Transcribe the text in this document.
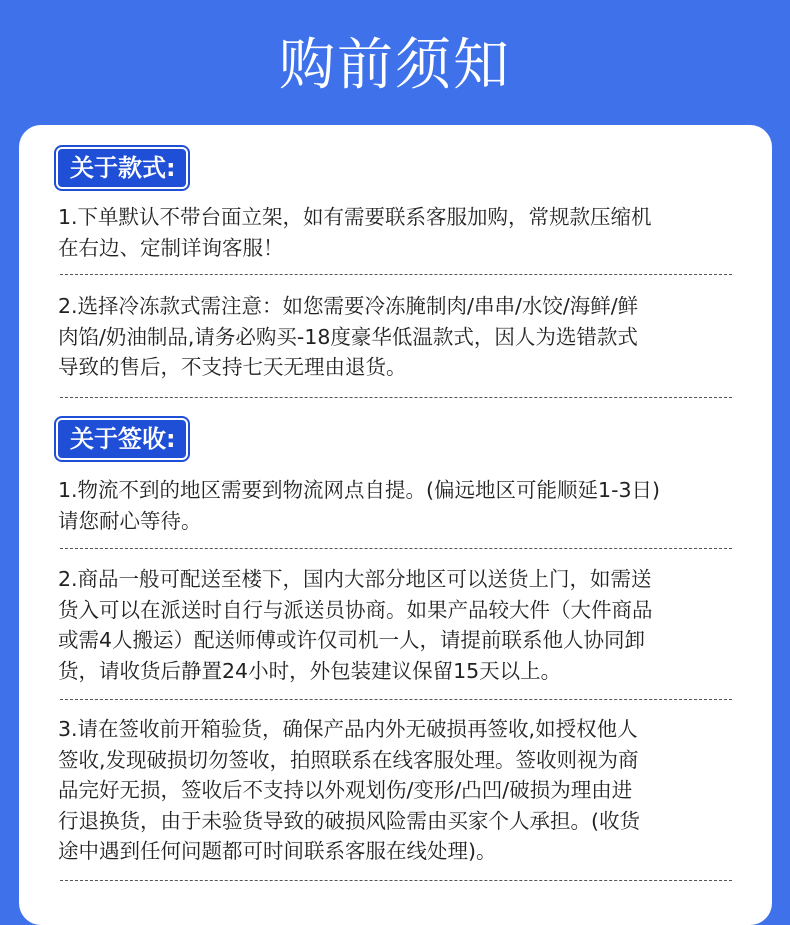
购前须知
关于款式:

1.下单默认不带台面立架，如有需要联系客服加购，常规款压缩机
在右边、定制详询客服！

2.选择冷冻款式需注意：如您需要冷冻腌制肉/串串/水饺/海鲜/鲜
肉馅/奶油制品,请务必购买-18度豪华低温款式，因人为选错款式
导致的售后，不支持七天无理由退货。

关于签收:

1.物流不到的地区需要到物流网点自提。(偏远地区可能顺延1-3日)
请您耐心等待。

2.商品一般可配送至楼下，国内大部分地区可以送货上门，如需送
货入可以在派送时自行与派送员协商。如果产品较大件（大件商品
或需4人搬运）配送师傅或许仅司机一人，请提前联系他人协同卸
货，请收货后静置24小时，外包装建议保留15天以上。

3.请在签收前开箱验货，确保产品内外无破损再签收,如授权他人
签收,发现破损切勿签收，拍照联系在线客服处理。签收则视为商
品完好无损，签收后不支持以外观划伤/变形/凸凹/破损为理由进
行退换货，由于未验货导致的破损风险需由买家个人承担。(收货
途中遇到任何问题都可时间联系客服在线处理)。
